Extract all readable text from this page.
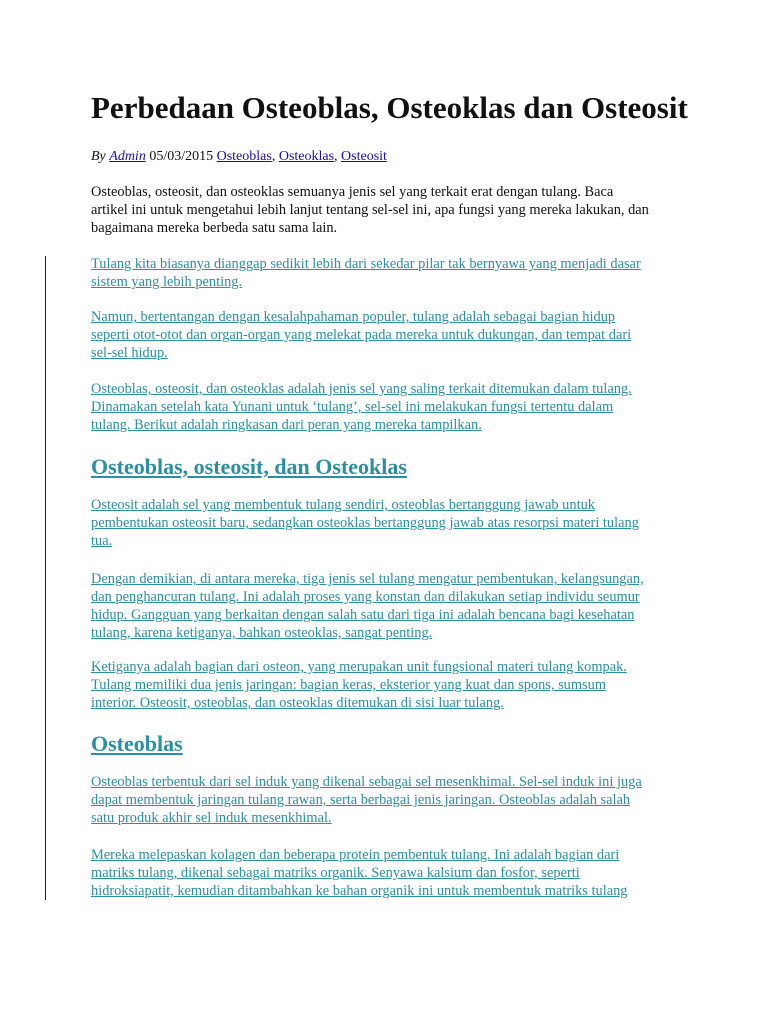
Perbedaan Osteoblas, Osteoklas dan Osteosit
By Admin 05/03/2015 Osteoblas, Osteoklas, Osteosit

Osteoblas, osteosit, dan osteoklas semuanya jenis sel yang terkait erat dengan tulang. Baca
artikel ini untuk mengetahui lebih lanjut tentang sel-sel ini, apa fungsi yang mereka lakukan, dan
bagaimana mereka berbeda satu sama lain.

Tulang kita biasanya dianggap sedikit lebih dari sekedar pilar tak bernyawa yang menjadi dasar
sistem yang lebih penting.

Namun, bertentangan dengan kesalahpahaman populer, tulang adalah sebagai bagian hidup
seperti otot-otot dan organ-organ yang melekat pada mereka untuk dukungan, dan tempat dari
sel-sel hidup.

Osteoblas, osteosit, dan osteoklas adalah jenis sel yang saling terkait ditemukan dalam tulang.
Dinamakan setelah kata Yunani untuk ‘tulang’, sel-sel ini melakukan fungsi tertentu dalam
tulang. Berikut adalah ringkasan dari peran yang mereka tampilkan.

Osteoblas, osteosit, dan Osteoklas

Osteosit adalah sel yang membentuk tulang sendiri, osteoblas bertanggung jawab untuk
pembentukan osteosit baru, sedangkan osteoklas bertanggung jawab atas resorpsi materi tulang
tua.

Dengan demikian, di antara mereka, tiga jenis sel tulang mengatur pembentukan, kelangsungan,
dan penghancuran tulang. Ini adalah proses yang konstan dan dilakukan setiap individu seumur
hidup. Gangguan yang berkaitan dengan salah satu dari tiga ini adalah bencana bagi kesehatan
tulang, karena ketiganya, bahkan osteoklas, sangat penting.

Ketiganya adalah bagian dari osteon, yang merupakan unit fungsional materi tulang kompak.
Tulang memiliki dua jenis jaringan: bagian keras, eksterior yang kuat dan spons, sumsum
interior. Osteosit, osteoblas, dan osteoklas ditemukan di sisi luar tulang.

Osteoblas

Osteoblas terbentuk dari sel induk yang dikenal sebagai sel mesenkhimal. Sel-sel induk ini juga
dapat membentuk jaringan tulang rawan, serta berbagai jenis jaringan. Osteoblas adalah salah
satu produk akhir sel induk mesenkhimal.

Mereka melepaskan kolagen dan beberapa protein pembentuk tulang. Ini adalah bagian dari
matriks tulang, dikenal sebagai matriks organik. Senyawa kalsium dan fosfor, seperti
hidroksiapatit, kemudian ditambahkan ke bahan organik ini untuk membentuk matriks tulang
